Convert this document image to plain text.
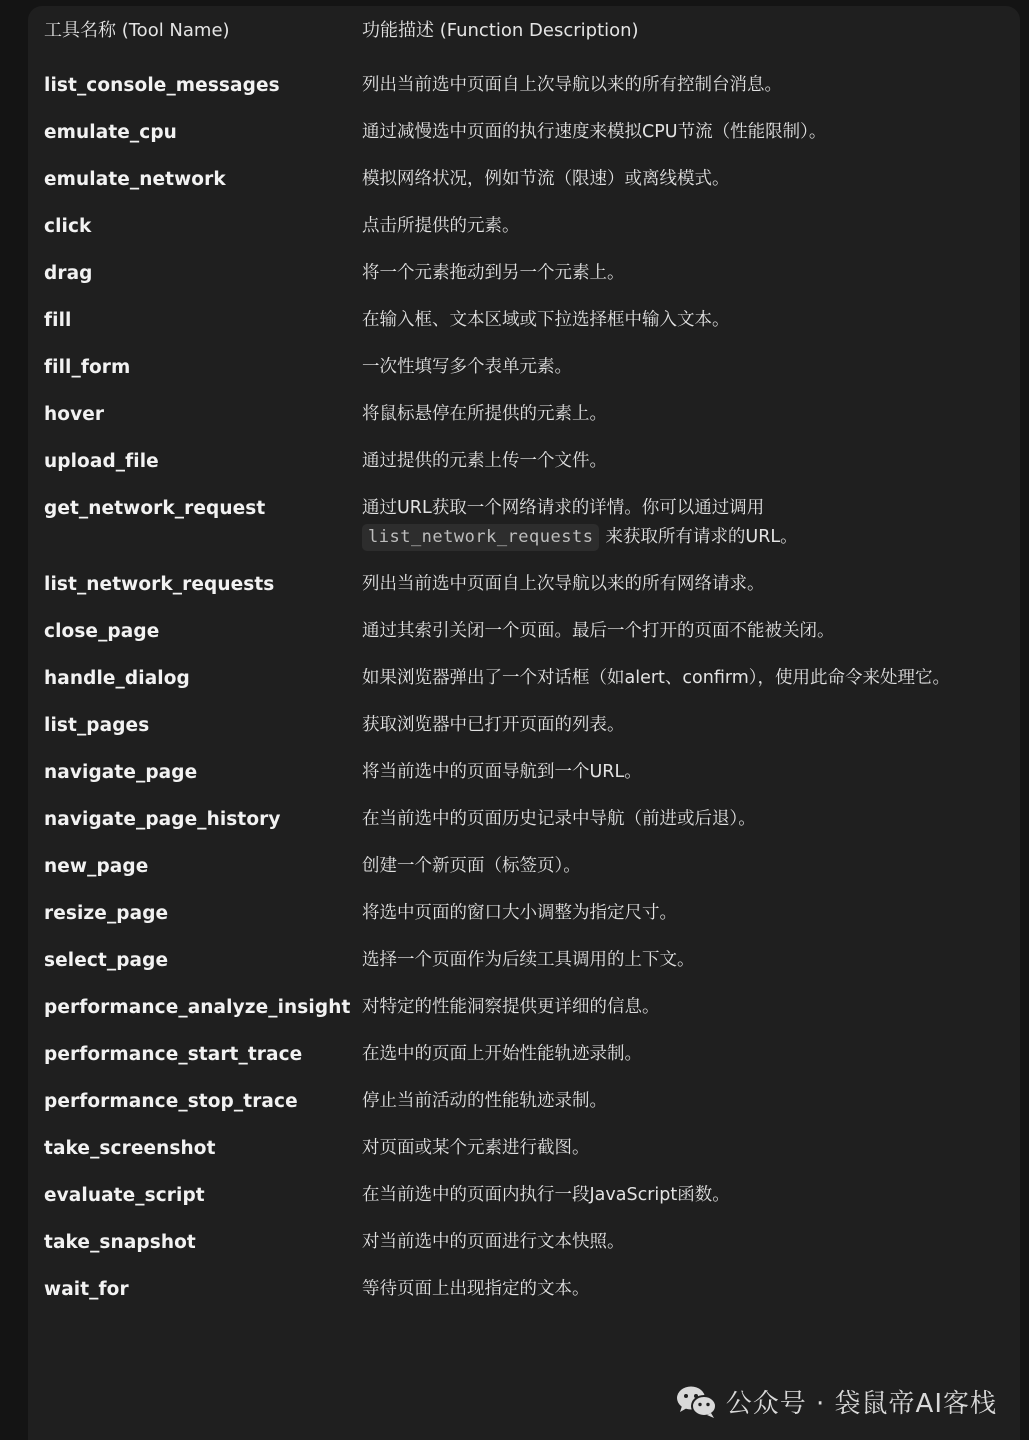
工具名称 (Tool Name)	功能描述 (Function Description)
list_console_messages	列出当前选中页面自上次导航以来的所有控制台消息。
emulate_cpu	通过减慢选中页面的执行速度来模拟CPU节流（性能限制）。
emulate_network	模拟网络状况，例如节流（限速）或离线模式。
click	点击所提供的元素。
drag	将一个元素拖动到另一个元素上。
fill	在输入框、文本区域或下拉选择框中输入文本。
fill_form	一次性填写多个表单元素。
hover	将鼠标悬停在所提供的元素上。
upload_file	通过提供的元素上传一个文件。
get_network_request	通过URL获取一个网络请求的详情。你可以通过调用
list_network_requests 来获取所有请求的URL。
list_network_requests	列出当前选中页面自上次导航以来的所有网络请求。
close_page	通过其索引关闭一个页面。最后一个打开的页面不能被关闭。
handle_dialog	如果浏览器弹出了一个对话框（如alert、confirm），使用此命令来处理它。
list_pages	获取浏览器中已打开页面的列表。
navigate_page	将当前选中的页面导航到一个URL。
navigate_page_history	在当前选中的页面历史记录中导航（前进或后退）。
new_page	创建一个新页面（标签页）。
resize_page	将选中页面的窗口大小调整为指定尺寸。
select_page	选择一个页面作为后续工具调用的上下文。
performance_analyze_insight	对特定的性能洞察提供更详细的信息。
performance_start_trace	在选中的页面上开始性能轨迹录制。
performance_stop_trace	停止当前活动的性能轨迹录制。
take_screenshot	对页面或某个元素进行截图。
evaluate_script	在当前选中的页面内执行一段JavaScript函数。
take_snapshot	对当前选中的页面进行文本快照。
wait_for	等待页面上出现指定的文本。
公众号 · 袋鼠帝AI客栈
